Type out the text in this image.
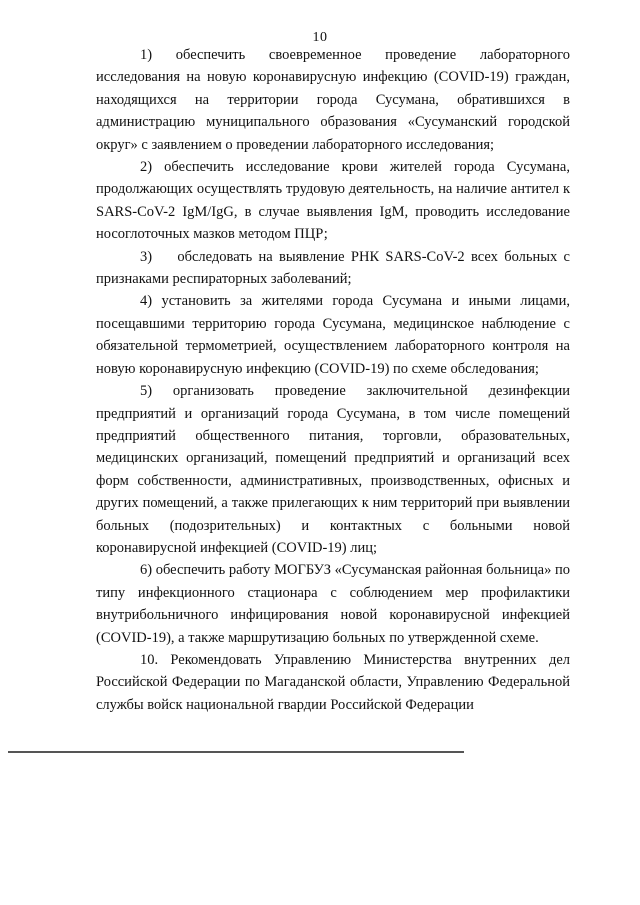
10

1)    обеспечить    своевременное    проведение    лабораторного исследования на новую коронавирусную инфекцию (COVID-19) граждан, находящихся на территории города Сусумана, обратившихся в администрацию муниципального образования «Сусуманский городской округ» с заявлением о проведении лабораторного исследования;

2) обеспечить исследование крови жителей города Сусумана, продолжающих осуществлять трудовую деятельность, на наличие антител к SARS-CoV-2 IgM/IgG, в случае выявления IgM, проводить исследование носоглоточных мазков методом ПЦР;

3)    обследовать на выявление РНК SARS-CoV-2 всех больных с признаками респираторных заболеваний;

4) установить за жителями города Сусумана и иными лицами, посещавшими территорию города Сусумана, медицинское наблюдение с обязательной термометрией, осуществлением лабораторного контроля на новую коронавирусную инфекцию (COVID-19) по схеме обследования;

5)    организовать    проведение    заключительной    дезинфекции предприятий и организаций города Сусумана, в том числе помещений предприятий общественного питания, торговли, образовательных, медицинских организаций, помещений предприятий и организаций всех форм собственности, административных, производственных, офисных и других помещений, а также прилегающих к ним территорий при выявлении больных (подозрительных) и контактных с больными новой коронавирусной инфекцией (COVID-19) лиц;

6) обеспечить работу МОГБУЗ «Сусуманская районная больница» по типу инфекционного стационара с соблюдением мер профилактики внутрибольничного инфицирования новой коронавирусной инфекцией (COVID-19), а также маршрутизацию больных по утвержденной схеме.

10. Рекомендовать Управлению Министерства внутренних дел Российской Федерации по Магаданской области, Управлению Федеральной службы войск национальной гвардии Российской Федерации
